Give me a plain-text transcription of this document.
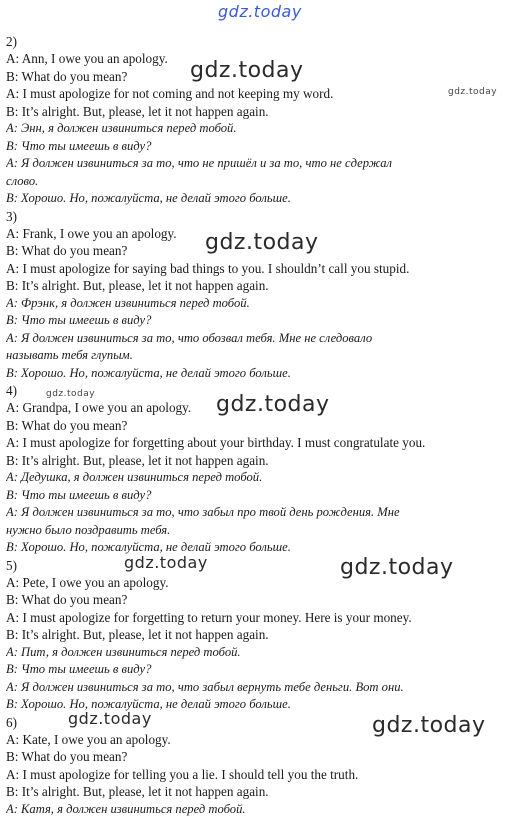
2)
A: Ann, I owe you an apology.
B: What do you mean?
A: I must apologize for not coming and not keeping my word.
B: It’s alright. But, please, let it not happen again.
А: Энн, я должен извиниться перед тобой.
В: Что ты имеешь в виду?
А: Я должен извиниться за то, что не пришёл и за то, что не сдержал
слово.
В: Хорошо. Но, пожалуйста, не делай этого больше.
3)
A: Frank, I owe you an apology.
B: What do you mean?
A: I must apologize for saying bad things to you. I shouldn’t call you stupid.
B: It’s alright. But, please, let it not happen again.
А: Фрэнк, я должен извиниться перед тобой.
В: Что ты имеешь в виду?
А: Я должен извиниться за то, что обозвал тебя. Мне не следовало
называть тебя глупым.
В: Хорошо. Но, пожалуйста, не делай этого больше.
4)
A: Grandpa, I owe you an apology.
B: What do you mean?
A: I must apologize for forgetting about your birthday. I must congratulate you.
B: It’s alright. But, please, let it not happen again.
А: Дедушка, я должен извиниться перед тобой.
В: Что ты имеешь в виду?
А: Я должен извиниться за то, что забыл про твой день рождения. Мне
нужно было поздравить тебя.
В: Хорошо. Но, пожалуйста, не делай этого больше.
5)
A: Pete, I owe you an apology.
B: What do you mean?
A: I must apologize for forgetting to return your money. Here is your money.
B: It’s alright. But, please, let it not happen again.
А: Пит, я должен извиниться перед тобой.
В: Что ты имеешь в виду?
А: Я должен извиниться за то, что забыл вернуть тебе деньги. Вот они.
В: Хорошо. Но, пожалуйста, не делай этого больше.
6)
A: Kate, I owe you an apology.
B: What do you mean?
A: I must apologize for telling you a lie. I should tell you the truth.
B: It’s alright. But, please, let it not happen again.
А: Катя, я должен извиниться перед тобой.
gdz.today
gdz.today
gdz.today
gdz.today
gdz.today	gdz.today
gdz.today	gdz.today
gdz.today	gdz.today
